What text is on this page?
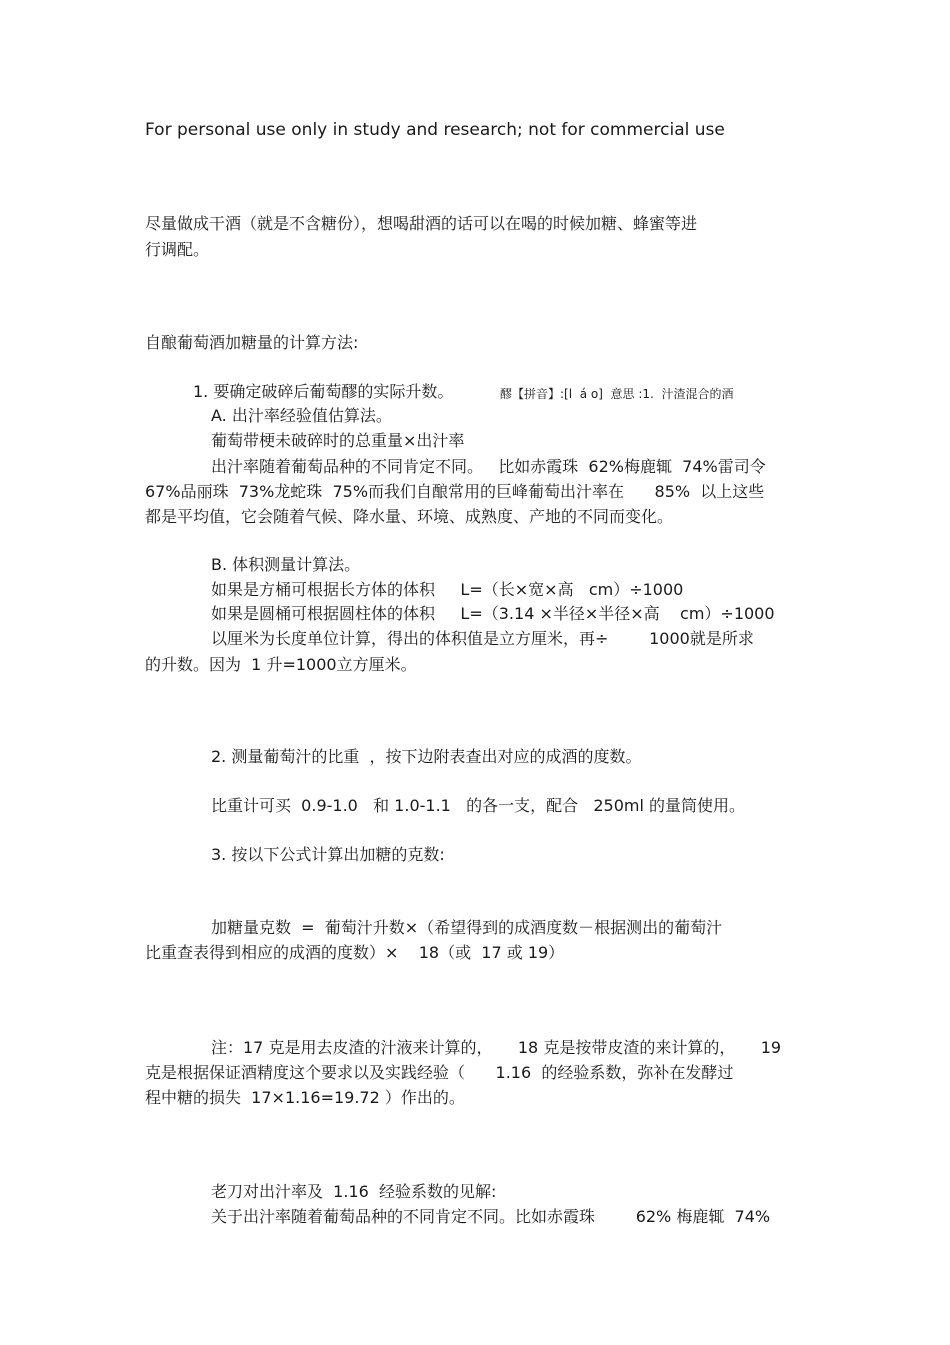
For personal use only in study and research; not for commercial use
尽量做成干酒（就是不含糖份），想喝甜酒的话可以在喝的时候加糖、蜂蜜等进
行调配。
自酿葡萄酒加糖量的计算方法:
1. 要确定破碎后葡萄醪的实际升数。	醪【拼音】:[l  á o]  意思 :1.  汁渣混合的酒
A. 出汁率经验值估算法。
葡萄带梗未破碎时的总重量×出汁率
出汁率随着葡萄品种的不同肯定不同。   比如赤霞珠  62%梅鹿辄  74%雷司令
67%品丽珠  73%龙蛇珠  75%而我们自酿常用的巨峰葡萄出汁率在      85%  以上这些
都是平均值，它会随着气候、降水量、环境、成熟度、产地的不同而变化。
B. 体积测量计算法。
如果是方桶可根据长方体的体积     L=（长×宽×高   cm）÷1000
如果是圆桶可根据圆柱体的体积     L=（3.14 ×半径×半径×高    cm）÷1000
以厘米为长度单位计算，得出的体积值是立方厘米，再÷        1000就是所求
的升数。因为  1 升=1000立方厘米。
2. 测量葡萄汁的比重  ，按下边附表查出对应的成酒的度数。
比重计可买  0.9-1.0   和 1.0-1.1   的各一支，配合   250ml 的量筒使用。
3. 按以下公式计算出加糖的克数:
加糖量克数  =  葡萄汁升数×（希望得到的成酒度数－根据测出的葡萄汁
比重查表得到相应的成酒的度数）×    18（或  17 或 19）
注：17 克是用去皮渣的汁液来计算的，     18 克是按带皮渣的来计算的，     19
克是根据保证酒精度这个要求以及实践经验（      1.16  的经验系数，弥补在发酵过
程中糖的损失  17×1.16=19.72 ）作出的。
老刀对出汁率及  1.16  经验系数的见解:
关于出汁率随着葡萄品种的不同肯定不同。比如赤霞珠        62% 梅鹿辄  74%
